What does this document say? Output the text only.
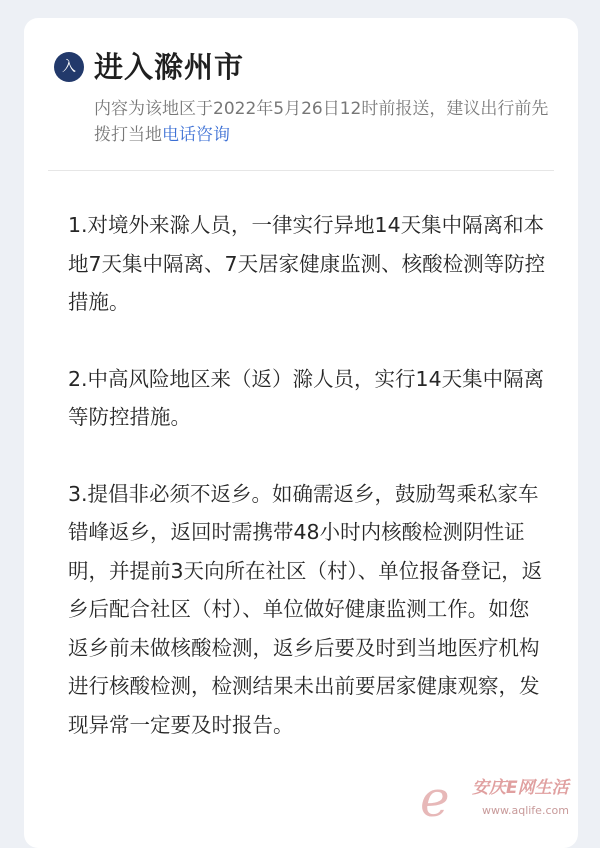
入 进入滁州市
内容为该地区于2022年5月26日12时前报送，建议出行前先拨打当地电话咨询

1.对境外来滁人员，一律实行异地14天集中隔离和本地7天集中隔离、7天居家健康监测、核酸检测等防控措施。

2.中高风险地区来（返）滁人员，实行14天集中隔离等防控措施。

3.提倡非必须不返乡。如确需返乡，鼓励驾乘私家车错峰返乡，返回时需携带48小时内核酸检测阴性证明，并提前3天向所在社区（村）、单位报备登记，返乡后配合社区（村）、单位做好健康监测工作。如您返乡前未做核酸检测，返乡后要及时到当地医疗机构进行核酸检测，检测结果未出前要居家健康观察，发现异常一定要及时报告。

e 安庆E网生活
www.aqlife.com
